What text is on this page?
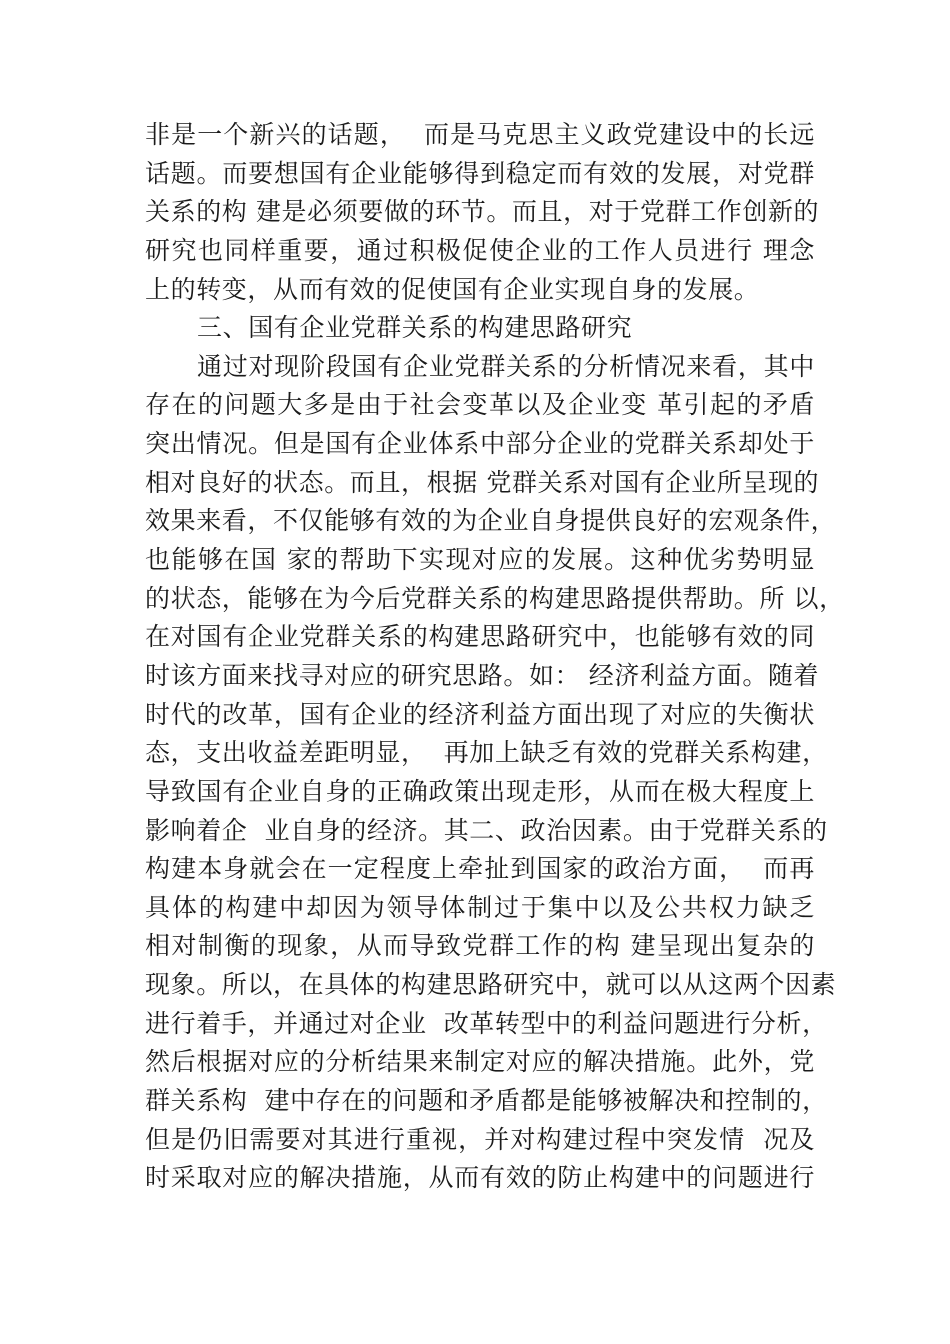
非是一个新兴的话题，  而是马克思主义政党建设中的长远
话题。而要想国有企业能够得到稳定而有效的发展，对党群
关系的构 建是必须要做的环节。而且，对于党群工作创新的
研究也同样重要，通过积极促使企业的工作人员进行 理念
上的转变，从而有效的促使国有企业实现自身的发展。
三、国有企业党群关系的构建思路研究
通过对现阶段国有企业党群关系的分析情况来看，其中
存在的问题大多是由于社会变革以及企业变 革引起的矛盾
突出情况。但是国有企业体系中部分企业的党群关系却处于
相对良好的状态。而且，根据 党群关系对国有企业所呈现的
效果来看，不仅能够有效的为企业自身提供良好的宏观条件，
也能够在国 家的帮助下实现对应的发展。这种优劣势明显
的状态，能够在为今后党群关系的构建思路提供帮助。所 以，
在对国有企业党群关系的构建思路研究中，也能够有效的同
时该方面来找寻对应的研究思路。如： 经济利益方面。随着
时代的改革，国有企业的经济利益方面出现了对应的失衡状
态，支出收益差距明显，  再加上缺乏有效的党群关系构建，
导致国有企业自身的正确政策出现走形，从而在极大程度上
影响着企  业自身的经济。其二、政治因素。由于党群关系的
构建本身就会在一定程度上牵扯到国家的政治方面，  而再
具体的构建中却因为领导体制过于集中以及公共权力缺乏
相对制衡的现象，从而导致党群工作的构 建呈现出复杂的
现象。所以，在具体的构建思路研究中，就可以从这两个因素
进行着手，并通过对企业  改革转型中的利益问题进行分析，
然后根据对应的分析结果来制定对应的解决措施。此外，党
群关系构  建中存在的问题和矛盾都是能够被解决和控制的，
但是仍旧需要对其进行重视，并对构建过程中突发情  况及
时采取对应的解决措施，从而有效的防止构建中的问题进行
